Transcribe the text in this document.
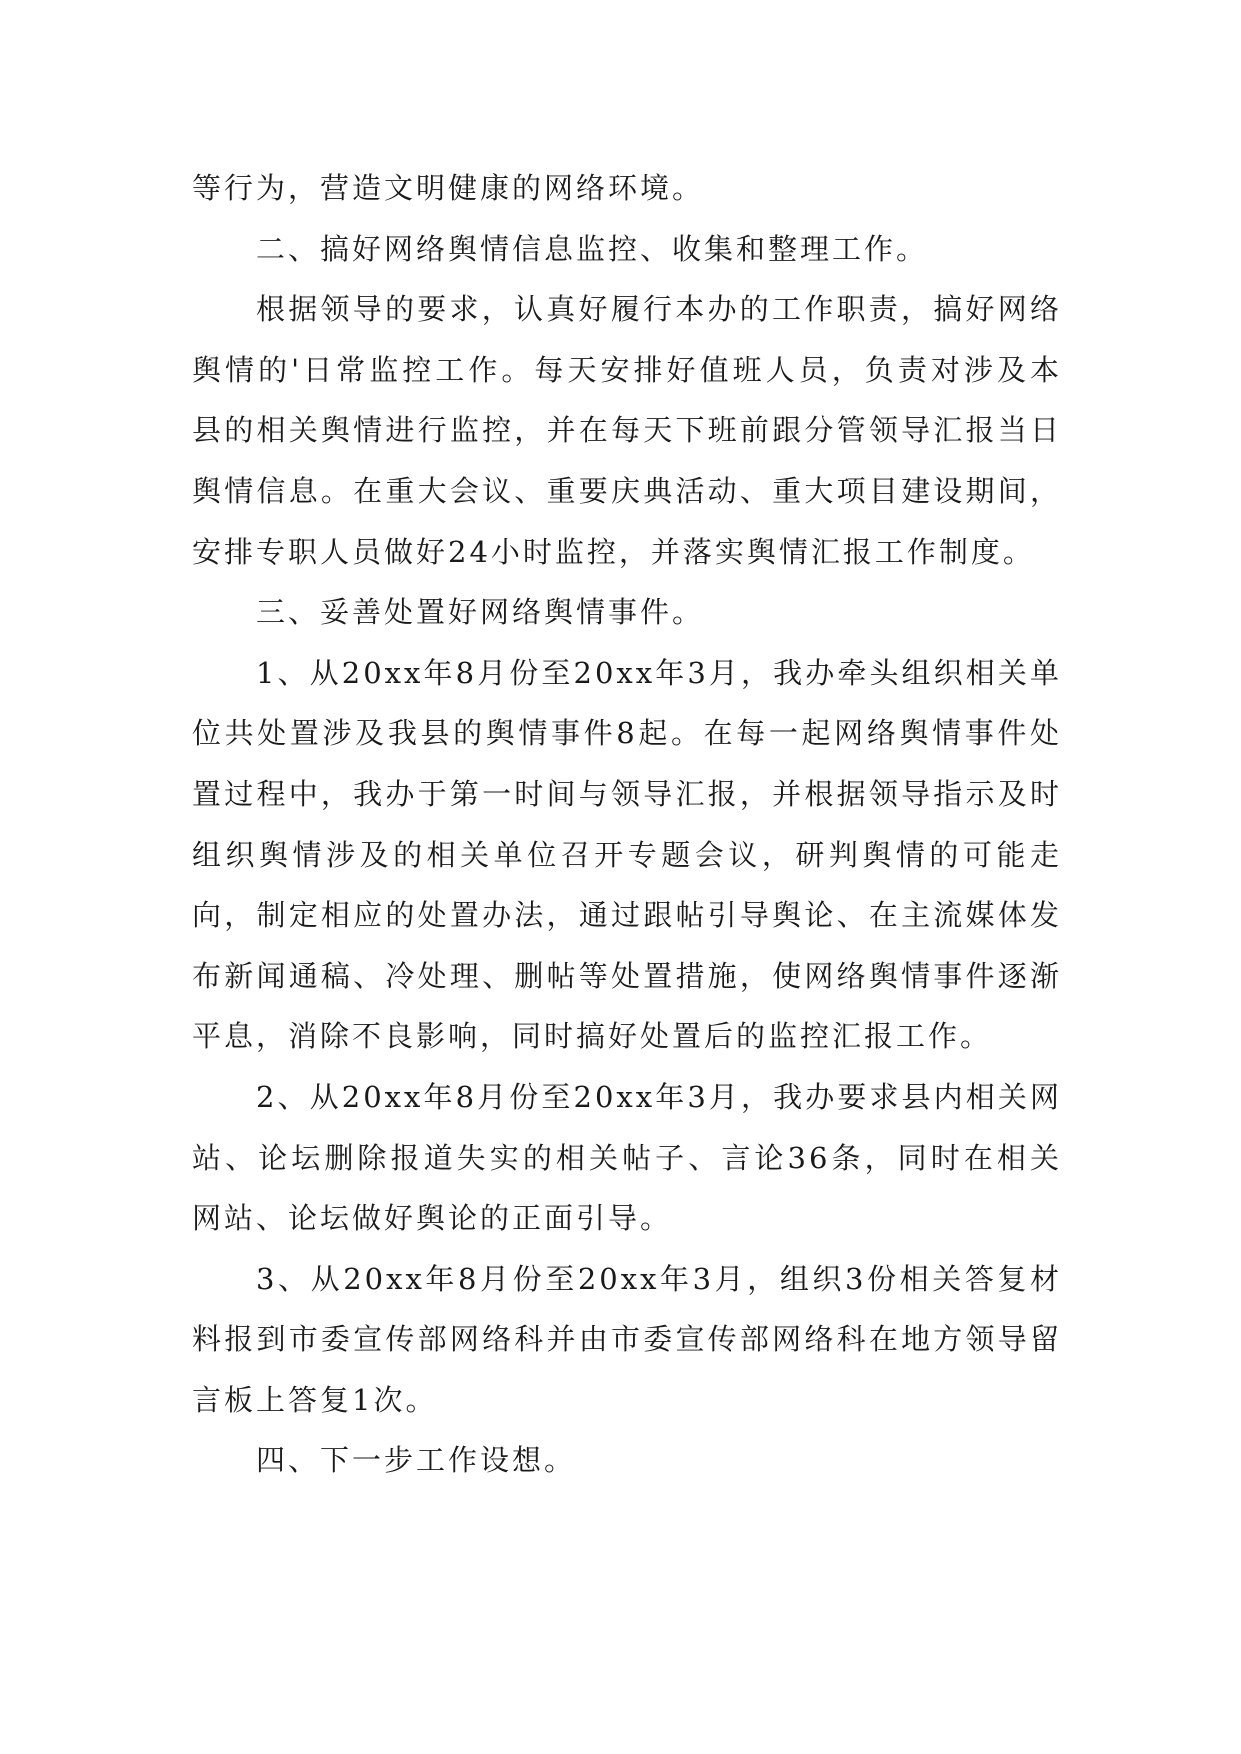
等行为，营造文明健康的网络环境。

二、搞好网络舆情信息监控、收集和整理工作。

根据领导的要求，认真好履行本办的工作职责，搞好网络舆情的'日常监控工作。每天安排好值班人员，负责对涉及本县的相关舆情进行监控，并在每天下班前跟分管领导汇报当日舆情信息。在重大会议、重要庆典活动、重大项目建设期间，安排专职人员做好24小时监控，并落实舆情汇报工作制度。

三、妥善处置好网络舆情事件。

1、从20xx年8月份至20xx年3月，我办牵头组织相关单位共处置涉及我县的舆情事件8起。在每一起网络舆情事件处置过程中，我办于第一时间与领导汇报，并根据领导指示及时组织舆情涉及的相关单位召开专题会议，研判舆情的可能走向，制定相应的处置办法，通过跟帖引导舆论、在主流媒体发布新闻通稿、冷处理、删帖等处置措施，使网络舆情事件逐渐平息，消除不良影响，同时搞好处置后的监控汇报工作。

2、从20xx年8月份至20xx年3月，我办要求县内相关网站、论坛删除报道失实的相关帖子、言论36条，同时在相关网站、论坛做好舆论的正面引导。

3、从20xx年8月份至20xx年3月，组织3份相关答复材料报到市委宣传部网络科并由市委宣传部网络科在地方领导留言板上答复1次。

四、下一步工作设想。
